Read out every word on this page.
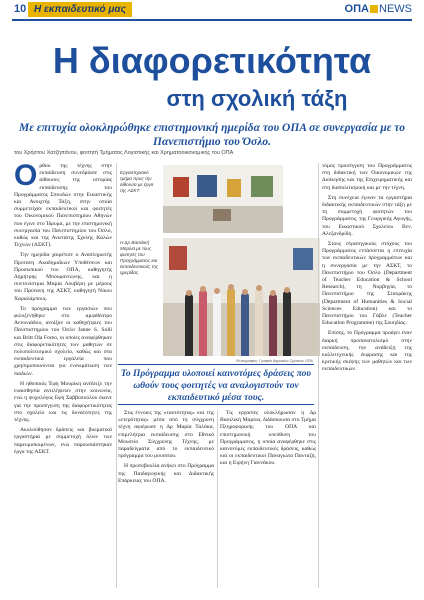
10 Η εκπαιδευτικό μας	ΟΠΑ NEWS
Η διαφορετικότητα
στη σχολική τάξη
Με επιτυχία ολοκληρώθηκε επιστημονική ημερίδα του ΟΠΑ σε συνεργασία με το Πανεπιστήμιο του Όσλο.
του Χρήστου Χατζηπάνου, φοιτητή Τμήματος Λογιστικής και Χρηματοοικονομικής του ΟΠΑ
Ο ρθιοι της τέχνης στην εκπαίδευση συνεδρίασε στις αίθουσες της ιστορίας εκπαίδευσης του Προγράμματος Σπουδών στην Εικαστικής και Ανοιχτής Τάξη, στην οποία συμμετείχαν εκπαιδευτικοί και φοιτητές του Οικονομικού Πανεπιστημίου Αθηνών που έγινε στο Ίδρυμα, με την επιστημονική συνεργασία του Πανεπιστημίου του Όσλο, καθώς και της Ανωτάτης Σχολής Καλών Τεχνών (ΑΣΚΤ).

Την ημερίδα χαιρέτισε ο Αναπληρωτής Πρύτανη Ακαδημαϊκών Υποθέσεων και Προσωπικού του ΟΠΑ, καθηγητής Δημήτρης Μπουραντώνης, και η συντονίστρια Μαρία Λουβέρη με μέρους του Πρύτανη της ΑΣΚΤ, καθηγητή Νίκου Χαραλάμπους.

Το πρόγραμμα των εργασιών που φιλοξενήθηκε στο αμφιθέατρο Αντωνιάδου, ανοίξαν οι καθηγήτριες του Πανεπιστημίου του Όσλο Janne S. Solli και Britt Ola Foreo, οι οποίες αναφέρθηκαν στις διαφορετικότητες των μαθητών σε πολυπολιτισμικό σχολείο, καθώς και στα εκπαιδευτικά εργαλεία που χρησιμοποιούνται για ενσωμάτωση των παιδιών.

Η ηθοποιός Έφη Μουρίκη ανέδειξε την ευαισθησία αντιλήψεων στην κοινωνία, ενώ η ψυχολόγος Εφη Σαββοπούλου έκανε για την προσέγγιση της διαφορετικότητας στο σχολείο και τις δυνατότητες της τέχνης.

Ακολούθησαν δράσεις και βιωματικά εργαστήρια με συμμετοχή όλων των παρευρισκομένων, ενώ παρουσιάστηκαν έργα της ΑΣΚΤ.

Εργαστηριακό τμήμα προς την αίθουσα με έργα της ΑΣΚΤ.
Η Δρ Βασιλική Μαρίνα με τους φοιτητές του Προγράμματος και εκπαιδευτικούς της ημερίδας.
Φωτογραφίες: Γραφείο Δημοσίων Σχέσεων ΟΠΑ

τόμος προσέγγιση του Προγράμματος στη διδακτική των Οικονομικών της Διοίκησης και της Επιχειρηματικής και στη διαπολιτισμική και με την τέχνη.

Στη συνέχεια έγιναν τα εργαστήρια διδακτικής εκπαιδευτικών στην τάξη με τη συμμετοχή φοιτητών του Προγράμματος, της Γεωργικής Αγωγής, του Εικαστικού Σχολείου Βεν. Αλεξανδρίδη.

Στους στρατηγικούς στόχους του Προγράμματος εντάσσεται η επιτυχία των εκπαιδευτικών προγραμμάτων και η συνεργασία με την ΑΣΚΤ, το Πανεπιστήμιο του Όσλο (Department of Teacher Education & School Research), τη Νορβηγία, το Πανεπιστήμιο της Σταυράκης (Department of Humanities & Social Sciences Education) και το Πανεπιστήμιο του Γάβλε (Teacher Education Programme) της Σουηδίας.

Επίσης, το Πρόγραμμα προάγει έναν διαρκή προσανατολισμό στην εκπαίδευση, την ανάδειξη της καλλιτεχνικής έκφρασης και της κριτικής σκέψης των μαθητών και των εκπαιδευτικών.

Το Πρόγραμμα υλοποιεί καινοτόμες δράσεις που ωθούν τους φοιτητές να αναλογιστούν τον εκπαιδευτικό μέσα τους.

Στις έννοιες της «ταυτότητας» και της «ετερότητας» μέσα από τη σύγχρονη τέχνη αφιέρωσε η Δρ Μαρία Ταλάκα, επιμελήτρια εκπαίδευσης στο Εθνικό Μουσείο Σύγχρονης Τέχνης, με παραδείγματα από το εκπαιδευτικό πρόγραμμα του μουσείου.

Η πρωτοβουλία ανήκει στο Πρόγραμμα της Παιδαγωγικής και Διδακτικής Επάρκειας του ΟΠΑ.

Τις εργασίες ολοκλήρωσαν η Δρ Βασιλική Μαρίνα, διδάσκουσα στο Τμήμα Πληροφορικής του ΟΠΑ και επιστημονική υπεύθυνη του Προγράμματος, η οποία αναφέρθηκε στις καινοτόμες εκπαιδευτικές δράσεις, καθώς και οι εκπαιδευτικοί Παναγιώτα Πανταζή, και η Ειρήνη Γιαννάκου.
